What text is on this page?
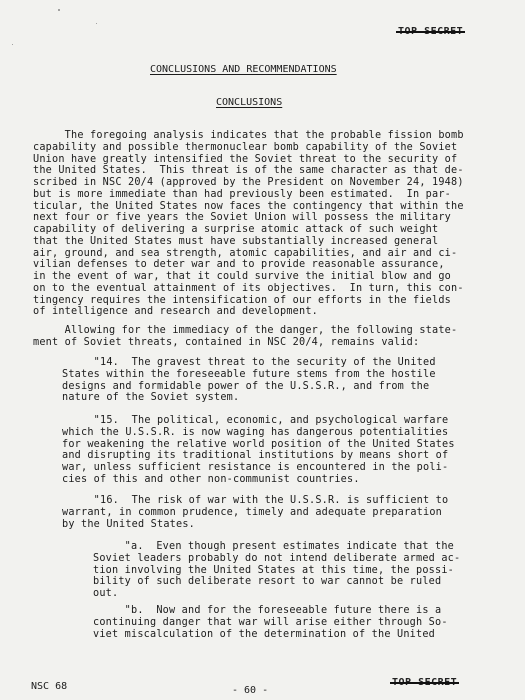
TOP SECRET
CONCLUSIONS AND RECOMMENDATIONS
CONCLUSIONS
The foregoing analysis indicates that the probable fission bomb
capability and possible thermonuclear bomb capability of the Soviet
Union have greatly intensified the Soviet threat to the security of
the United States.  This threat is of the same character as that de-
scribed in NSC 20/4 (approved by the President on November 24, 1948)
but is more immediate than had previously been estimated.  In par-
ticular, the United States now faces the contingency that within the
next four or five years the Soviet Union will possess the military
capability of delivering a surprise atomic attack of such weight
that the United States must have substantially increased general
air, ground, and sea strength, atomic capabilities, and air and ci-
vilian defenses to deter war and to provide reasonable assurance,
in the event of war, that it could survive the initial blow and go
on to the eventual attainment of its objectives.  In turn, this con-
tingency requires the intensification of our efforts in the fields
of intelligence and research and development.
Allowing for the immediacy of the danger, the following state-
ment of Soviet threats, contained in NSC 20/4, remains valid:
"14.  The gravest threat to the security of the United
States within the foreseeable future stems from the hostile
designs and formidable power of the U.S.S.R., and from the
nature of the Soviet system.
"15.  The political, economic, and psychological warfare
which the U.S.S.R. is now waging has dangerous potentialities
for weakening the relative world position of the United States
and disrupting its traditional institutions by means short of
war, unless sufficient resistance is encountered in the poli-
cies of this and other non-communist countries.
"16.  The risk of war with the U.S.S.R. is sufficient to
warrant, in common prudence, timely and adequate preparation
by the United States.
"a.  Even though present estimates indicate that the
Soviet leaders probably do not intend deliberate armed ac-
tion involving the United States at this time, the possi-
bility of such deliberate resort to war cannot be ruled
out.
"b.  Now and for the foreseeable future there is a
continuing danger that war will arise either through So-
viet miscalculation of the determination of the United
NSC 68	- 60 -
TOP SECRET
